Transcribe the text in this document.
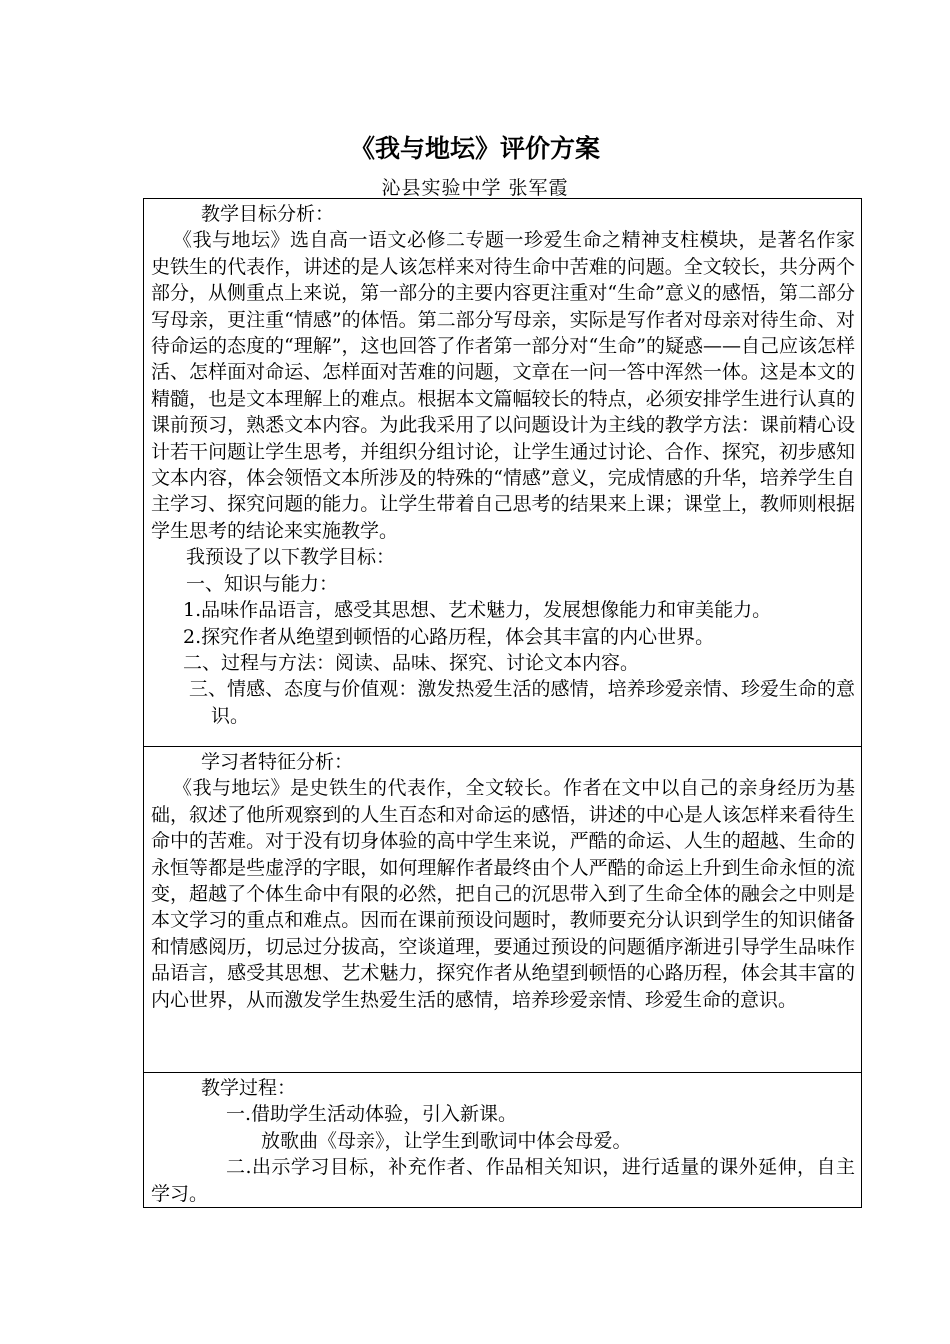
《我与地坛》评价方案
沁县实验中学 张军霞

教学目标分析：

《我与地坛》选自高一语文必修二专题一珍爱生命之精神支柱模块，是著名作家史铁生的代表作，讲述的是人该怎样来对待生命中苦难的问题。全文较长，共分两个部分，从侧重点上来说，第一部分的主要内容更注重对“生命”意义的感悟，第二部分写母亲，更注重“情感”的体悟。第二部分写母亲，实际是写作者对母亲对待生命、对待命运的态度的“理解”，这也回答了作者第一部分对“生命”的疑惑——自己应该怎样活、怎样面对命运、怎样面对苦难的问题，文章在一问一答中浑然一体。这是本文的精髓，也是文本理解上的难点。根据本文篇幅较长的特点，必须安排学生进行认真的课前预习，熟悉文本内容。为此我采用了以问题设计为主线的教学方法：课前精心设计若干问题让学生思考，并组织分组讨论，让学生通过讨论、合作、探究，初步感知文本内容，体会领悟文本所涉及的特殊的“情感”意义，完成情感的升华，培养学生自主学习、探究问题的能力。让学生带着自己思考的结果来上课；课堂上，教师则根据学生思考的结论来实施教学。

我预设了以下教学目标：

一、知识与能力：

1.品味作品语言，感受其思想、艺术魅力，发展想像能力和审美能力。

2.探究作者从绝望到顿悟的心路历程，体会其丰富的内心世界。

二、过程与方法：阅读、品味、探究、讨论文本内容。

三、情感、态度与价值观：激发热爱生活的感情，培养珍爱亲情、珍爱生命的意识。

学习者特征分析：

《我与地坛》是史铁生的代表作，全文较长。作者在文中以自己的亲身经历为基础，叙述了他所观察到的人生百态和对命运的感悟，讲述的中心是人该怎样来看待生命中的苦难。对于没有切身体验的高中学生来说，严酷的命运、人生的超越、生命的永恒等都是些虚浮的字眼，如何理解作者最终由个人严酷的命运上升到生命永恒的流变，超越了个体生命中有限的必然，把自己的沉思带入到了生命全体的融会之中则是本文学习的重点和难点。因而在课前预设问题时，教师要充分认识到学生的知识储备和情感阅历，切忌过分拔高，空谈道理，要通过预设的问题循序渐进引导学生品味作品语言，感受其思想、艺术魅力，探究作者从绝望到顿悟的心路历程，体会其丰富的内心世界，从而激发学生热爱生活的感情，培养珍爱亲情、珍爱生命的意识。

教学过程：

一.借助学生活动体验，引入新课。

放歌曲《母亲》，让学生到歌词中体会母爱。

二.出示学习目标，补充作者、作品相关知识，进行适量的课外延伸，自主学习。
